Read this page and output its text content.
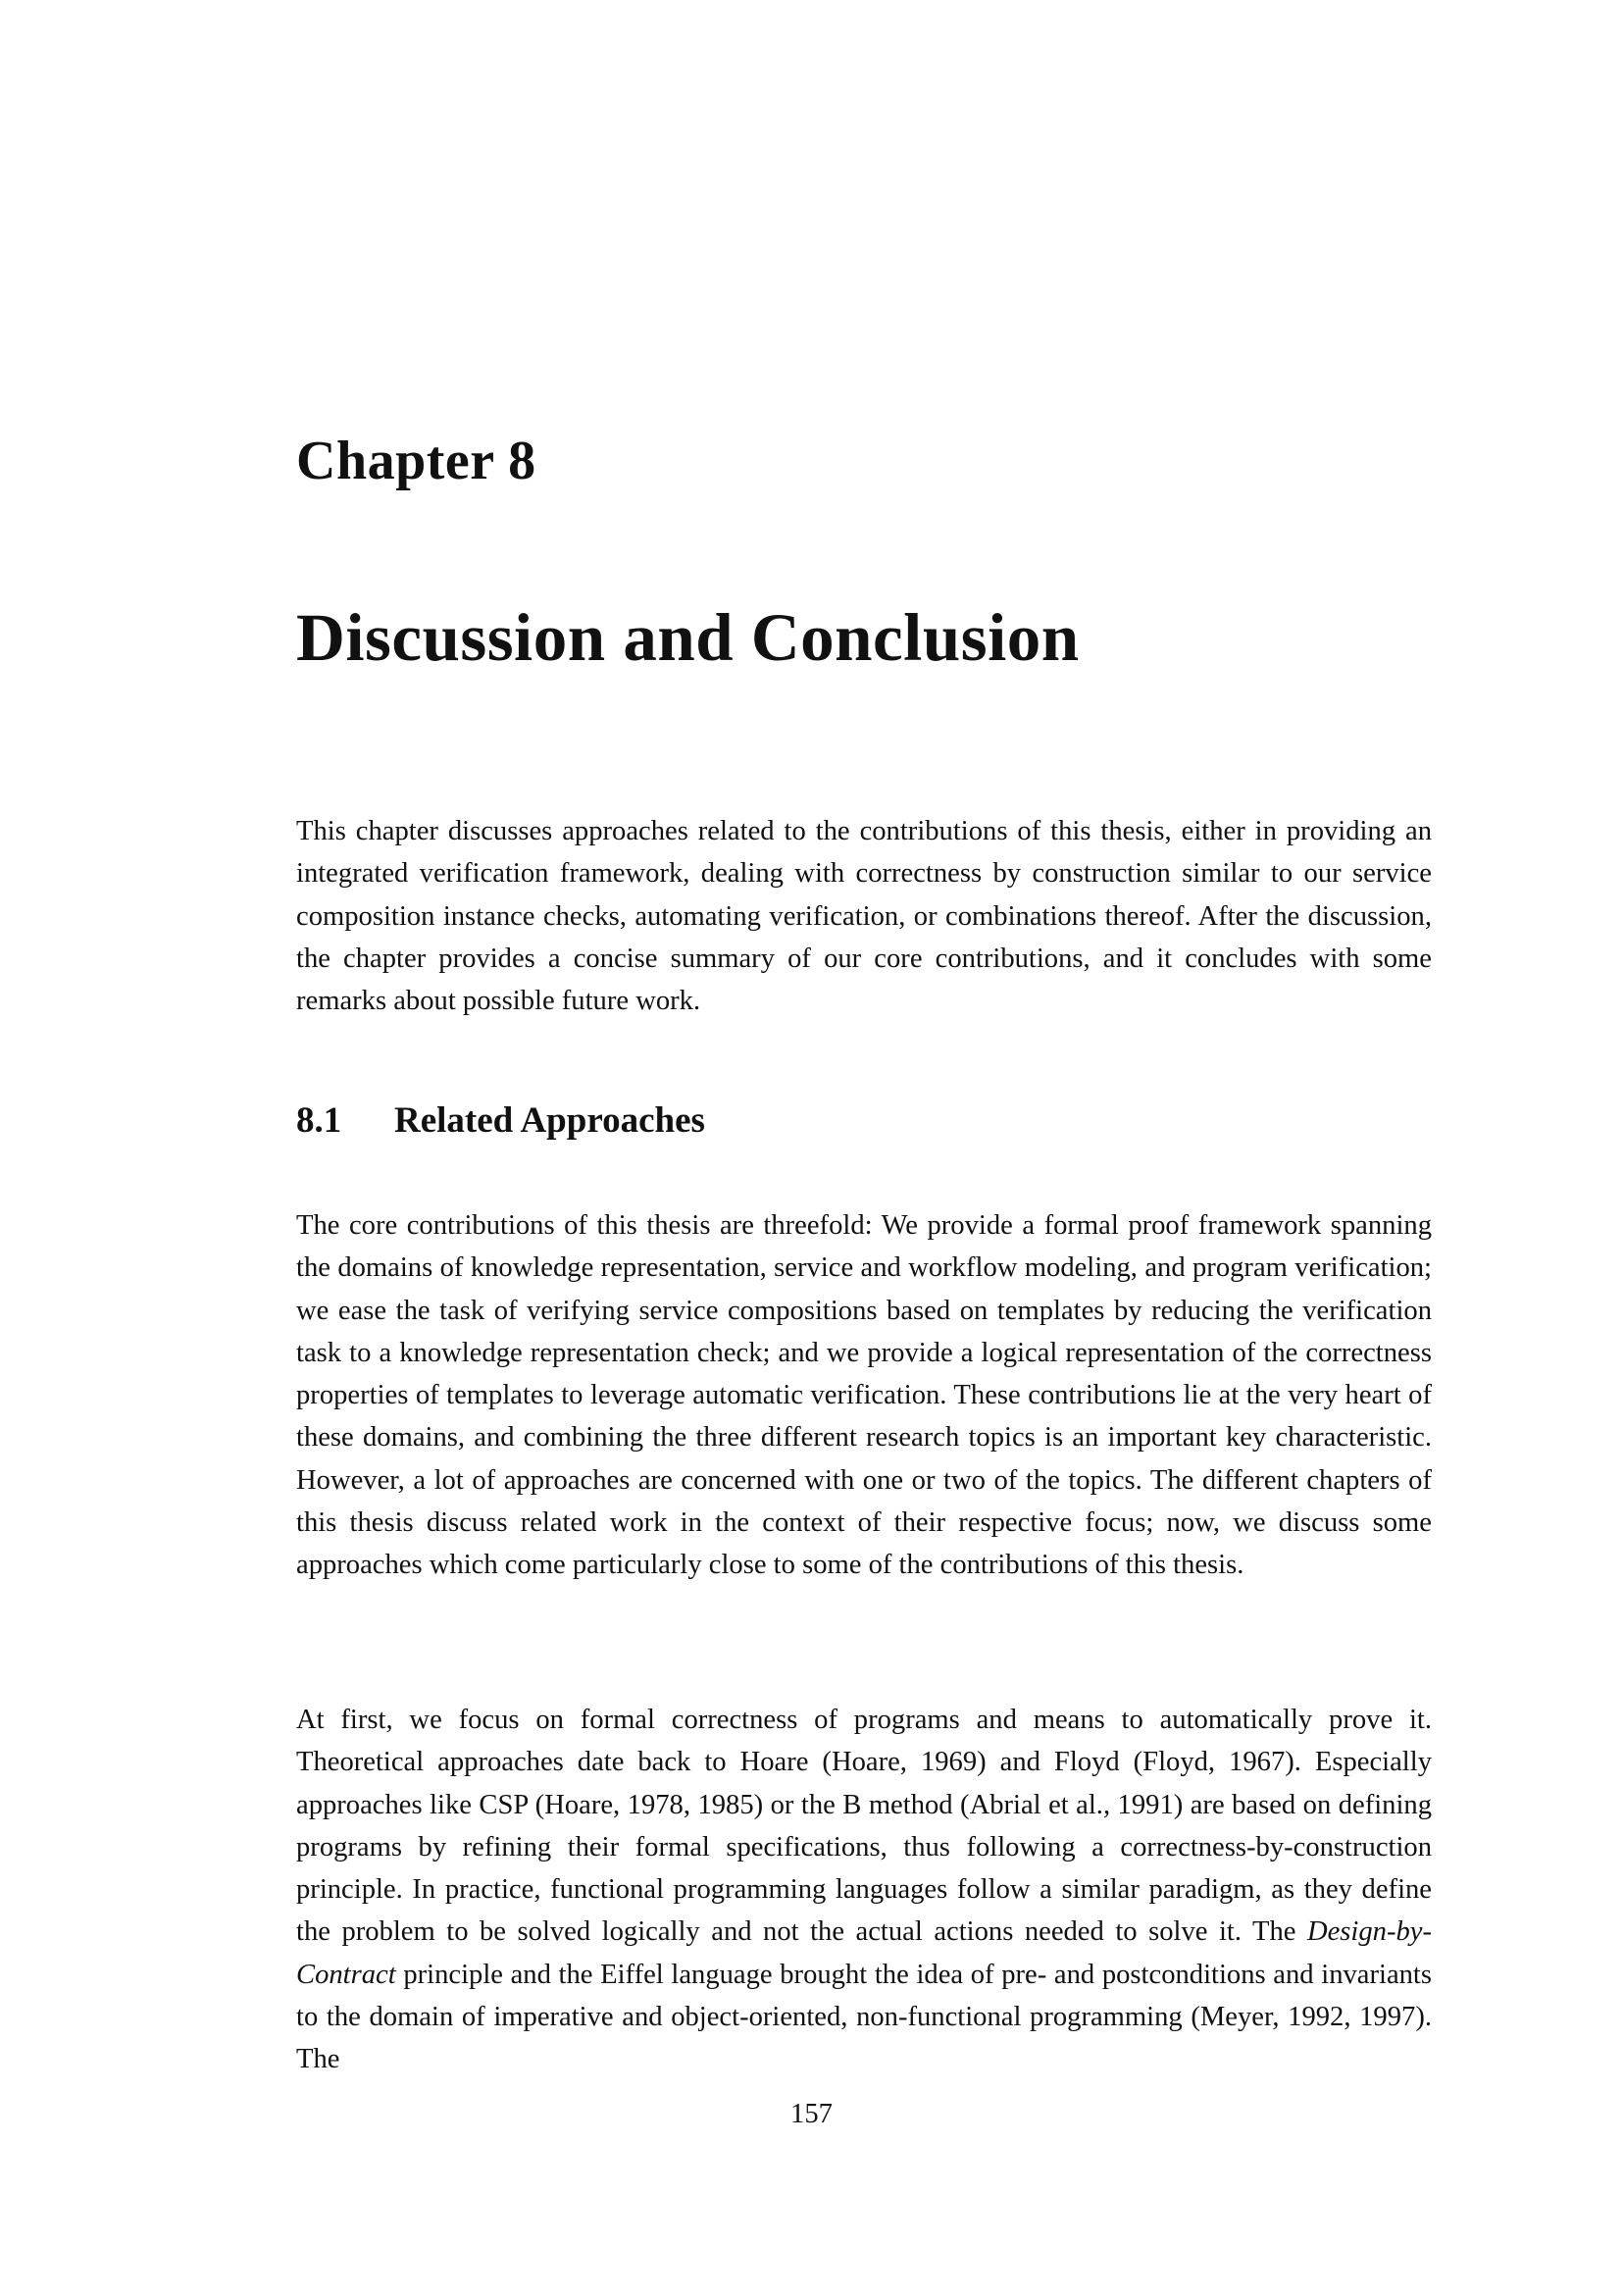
Chapter 8
Discussion and Conclusion

This chapter discusses approaches related to the contributions of this thesis, either in providing an integrated verification framework, dealing with correctness by construction similar to our service composition instance checks, automating verification, or combinations thereof. After the discussion, the chapter provides a concise summary of our core contributions, and it concludes with some remarks about possible future work.

8.1 Related Approaches

The core contributions of this thesis are threefold: We provide a formal proof framework spanning the domains of knowledge representation, service and workflow modeling, and program verification; we ease the task of verifying service compositions based on templates by reducing the verification task to a knowledge representation check; and we provide a logical representation of the correctness properties of templates to leverage automatic verification. These contributions lie at the very heart of these domains, and combining the three different research topics is an important key characteristic. However, a lot of approaches are concerned with one or two of the topics. The different chapters of this thesis discuss related work in the context of their respective focus; now, we discuss some approaches which come particularly close to some of the contributions of this thesis.

At first, we focus on formal correctness of programs and means to automatically prove it. Theoretical approaches date back to Hoare (Hoare, 1969) and Floyd (Floyd, 1967). Especially approaches like CSP (Hoare, 1978, 1985) or the B method (Abrial et al., 1991) are based on defining programs by refining their formal specifications, thus following a correctness-by-construction principle. In practice, functional programming languages follow a similar paradigm, as they define the problem to be solved logically and not the actual actions needed to solve it. The Design-by-Contract principle and the Eiffel language brought the idea of pre- and postconditions and invariants to the domain of imperative and object-oriented, non-functional programming (Meyer, 1992, 1997). The

157
